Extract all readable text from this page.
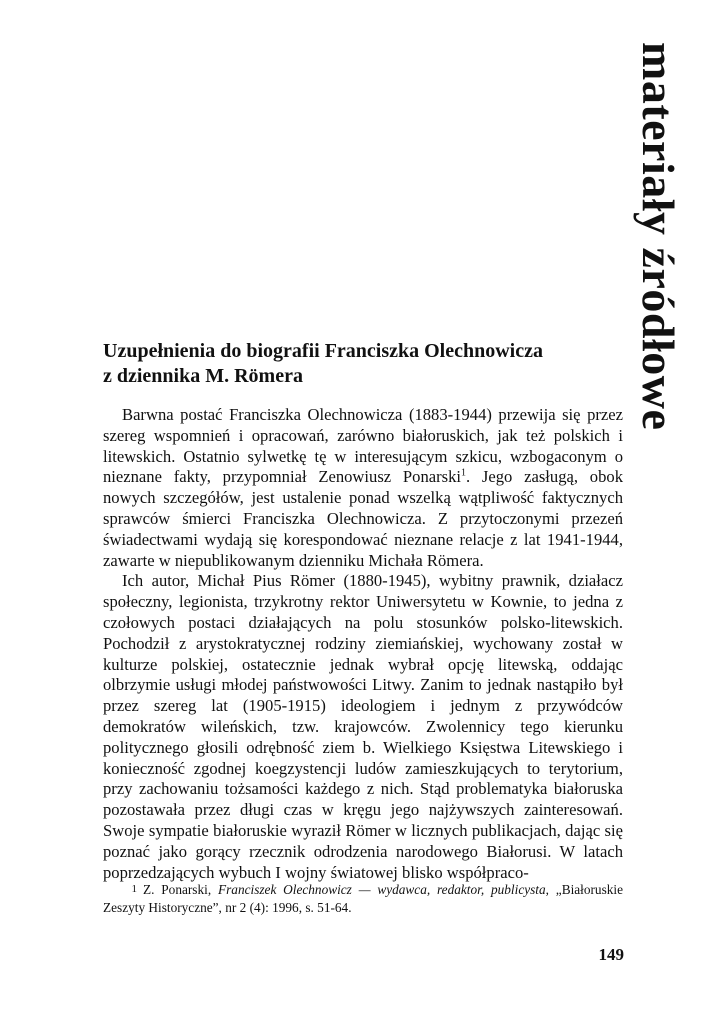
materiały źródłowe
Uzupełnienia do biografii Franciszka Olechnowicza
z dziennika M. Römera

Barwna postać Franciszka Olechnowicza (1883-1944) przewija się przez szereg wspomnień i opracowań, zarówno białoruskich, jak też polskich i litewskich. Ostatnio sylwetkę tę w interesującym szkicu, wzbogaconym o nieznane fakty, przypomniał Zenowiusz Ponarski$^1$. Jego zasługą, obok nowych szczegółów, jest ustalenie ponad wszelką wątpliwość faktycznych sprawców śmierci Franciszka Olechnowicza. Z przytoczonymi przezeń świadectwami wydają się korespondować nieznane relacje z lat 1941-1944, zawarte w niepublikowanym dzienniku Michała Römera.

Ich autor, Michał Pius Römer (1880-1945), wybitny prawnik, działacz społeczny, legionista, trzykrotny rektor Uniwersytetu w Kownie, to jedna z czołowych postaci działających na polu stosunków polsko-litewskich. Pochodził z arystokratycznej rodziny ziemiańskiej, wychowany został w kulturze polskiej, ostatecznie jednak wybrał opcję litewską, oddając olbrzymie usługi młodej państwowości Litwy. Zanim to jednak nastąpiło był przez szereg lat (1905-1915) ideologiem i jednym z przywódców demokratów wileńskich, tzw. krajowców. Zwolennicy tego kierunku politycznego głosili odrębność ziem b. Wielkiego Księstwa Litewskiego i konieczność zgodnej koegzystencji ludów zamieszkujących to terytorium, przy zachowaniu tożsamości każdego z nich. Stąd problematyka białoruska pozostawała przez długi czas w kręgu jego najżywszych zainteresowań. Swoje sympatie białoruskie wyraził Römer w licznych publikacjach, dając się poznać jako gorący rzecznik odrodzenia narodowego Białorusi. W latach poprzedzających wybuch I wojny światowej blisko współpraco-

1 Z. Ponarski, Franciszek Olechnowicz — wydawca, redaktor, publicysta, „Białoruskie Zeszyty Historyczne”, nr 2 (4): 1996, s. 51-64.
149
